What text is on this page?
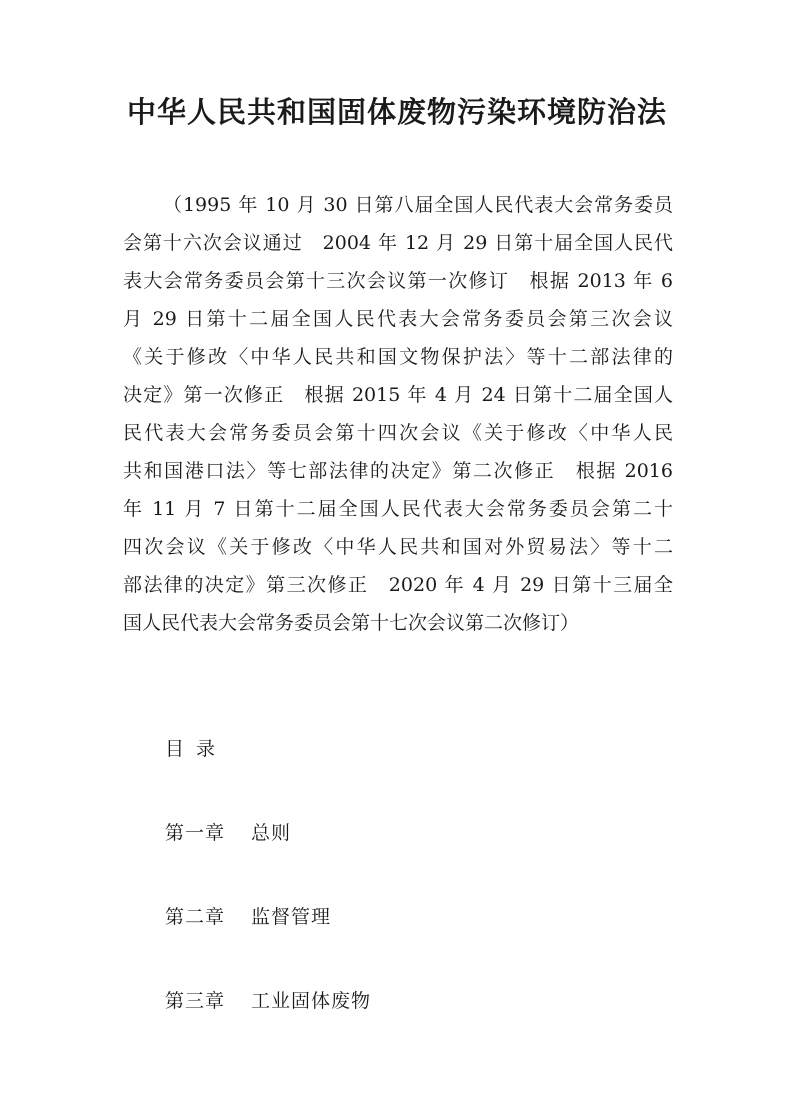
中华人民共和国固体废物污染环境防治法
（1995 年 10 月 30 日第八届全国人民代表大会常务委员
会第十六次会议通过　2004 年 12 月 29 日第十届全国人民代
表大会常务委员会第十三次会议第一次修订　根据 2013 年 6
月 29 日第十二届全国人民代表大会常务委员会第三次会议
《关于修改〈中华人民共和国文物保护法〉等十二部法律的
决定》第一次修正　根据 2015 年 4 月 24 日第十二届全国人
民代表大会常务委员会第十四次会议《关于修改〈中华人民
共和国港口法〉等七部法律的决定》第二次修正　根据 2016
年 11 月 7 日第十二届全国人民代表大会常务委员会第二十
四次会议《关于修改〈中华人民共和国对外贸易法〉等十二
部法律的决定》第三次修正　2020 年 4 月 29 日第十三届全
国人民代表大会常务委员会第十七次会议第二次修订）
目录
第一章 总则
第二章 监督管理
第三章 工业固体废物
